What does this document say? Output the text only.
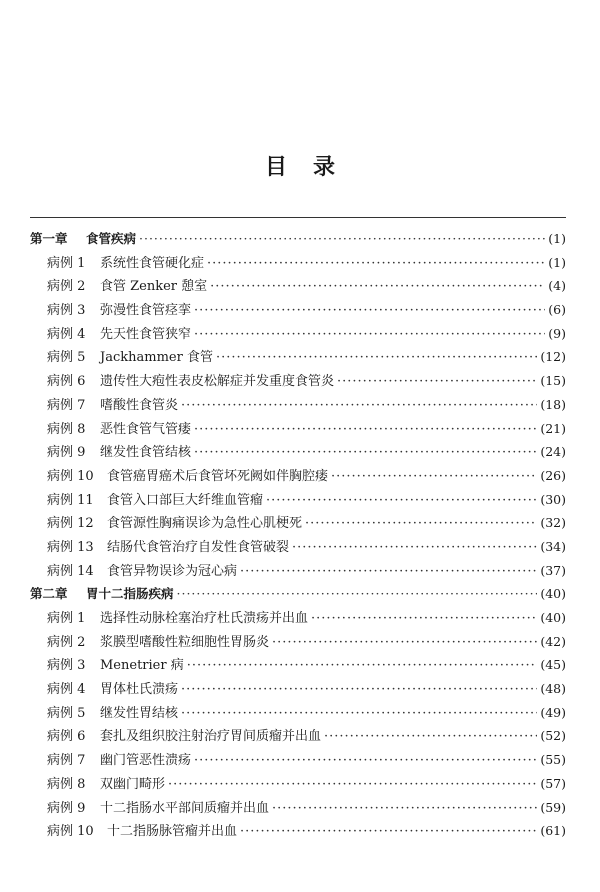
目录
第一章	食管疾病 ·····	(1)
病例 1	系统性食管硬化症 ·····	(1)
病例 2	食管 Zenker 憩室 ·····	(4)
病例 3	弥漫性食管痉挛 ·····	(6)
病例 4	先天性食管狭窄 ·····	(9)
病例 5	Jackhammer 食管 ·····	(12)
病例 6	遗传性大疱性表皮松解症并发重度食管炎 ·····	(15)
病例 7	嗜酸性食管炎 ·····	(18)
病例 8	恶性食管气管瘘 ·····	(21)
病例 9	继发性食管结核 ·····	(24)
病例 10	食管癌胃癌术后食管坏死阙如伴胸腔瘘 ·····	(26)
病例 11	食管入口部巨大纤维血管瘤 ·····	(30)
病例 12	食管源性胸痛误诊为急性心肌梗死 ·····	(32)
病例 13	结肠代食管治疗自发性食管破裂 ·····	(34)
病例 14	食管异物误诊为冠心病 ·····	(37)
第二章	胃十二指肠疾病 ·····	(40)
病例 1	选择性动脉栓塞治疗杜氏溃疡并出血 ·····	(40)
病例 2	浆膜型嗜酸性粒细胞性胃肠炎 ·····	(42)
病例 3	Menetrier 病 ·····	(45)
病例 4	胃体杜氏溃疡 ·····	(48)
病例 5	继发性胃结核 ·····	(49)
病例 6	套扎及组织胶注射治疗胃间质瘤并出血 ·····	(52)
病例 7	幽门管恶性溃疡 ·····	(55)
病例 8	双幽门畸形 ·····	(57)
病例 9	十二指肠水平部间质瘤并出血 ·····	(59)
病例 10	十二指肠脉管瘤并出血 ·····	(61)
